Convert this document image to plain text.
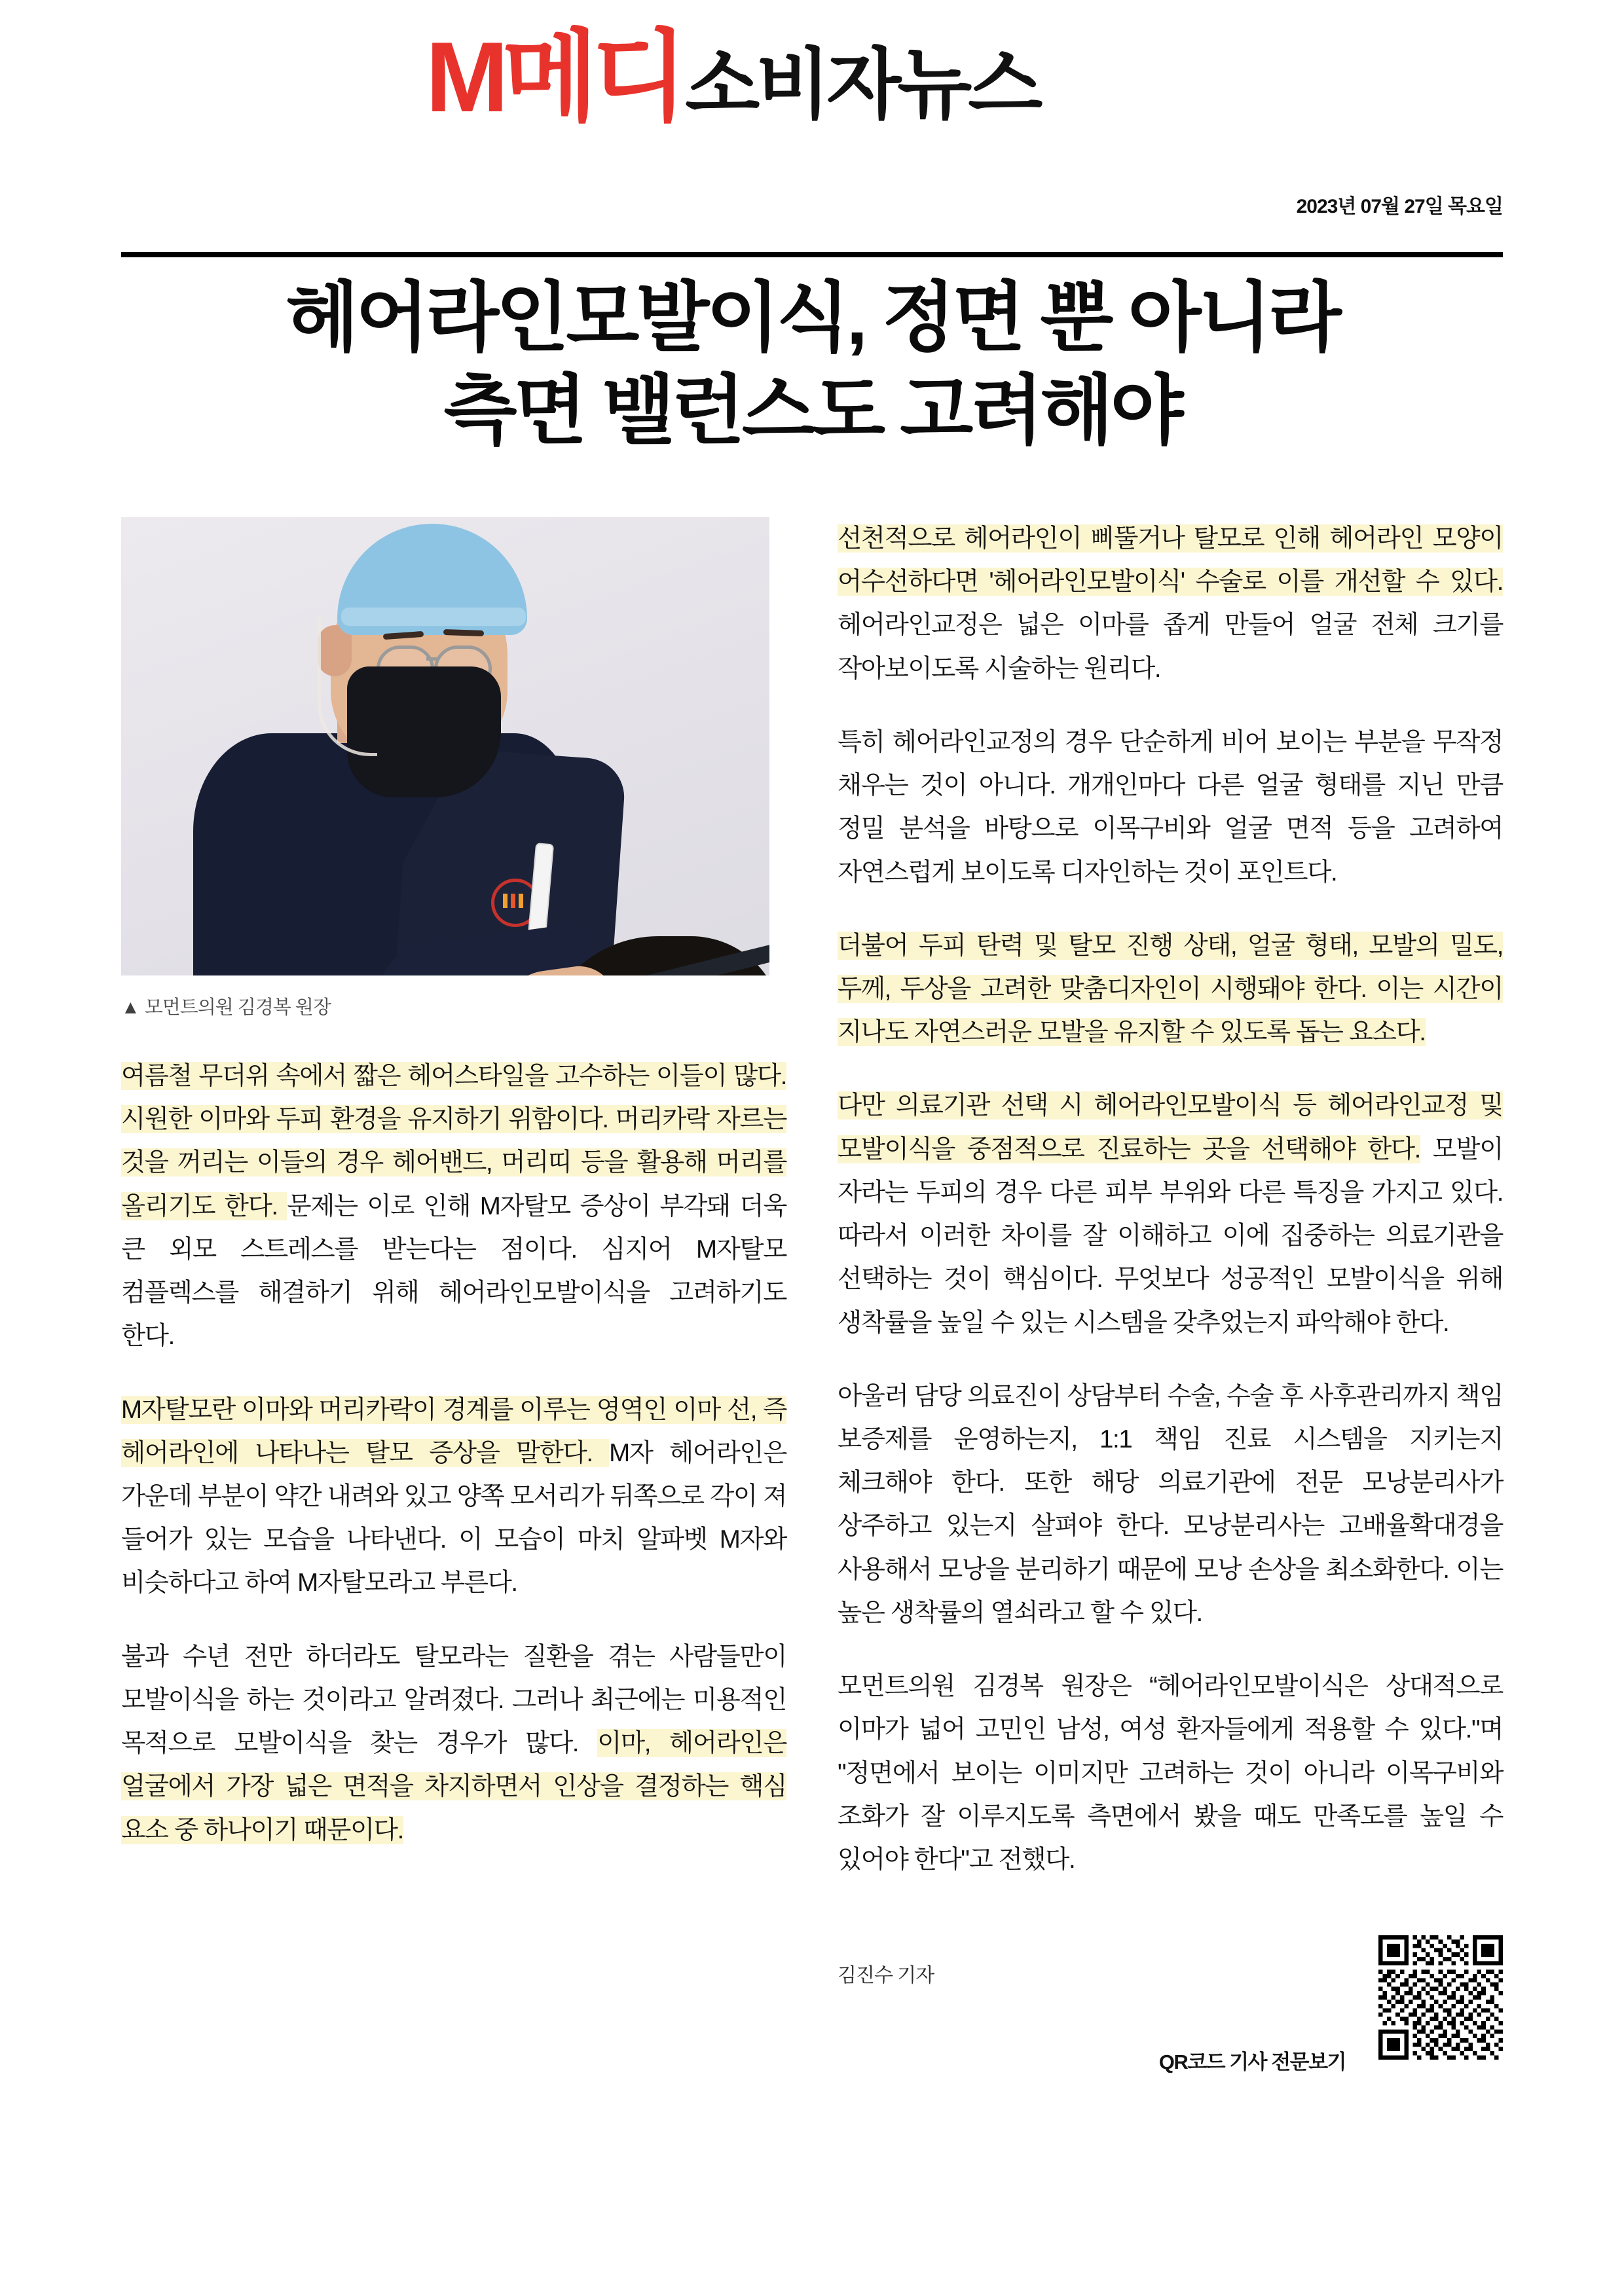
M메디 소비자뉴스
2023년 07월 27일 목요일
헤어라인모발이식, 정면 뿐 아니라
측면 밸런스도 고려해야
▲ 모먼트의원 김경복 원장

여름철 무더위 속에서 짧은 헤어스타일을 고수하는 이들이 많다. 시원한 이마와 두피 환경을 유지하기 위함이다. 머리카락 자르는 것을 꺼리는 이들의 경우 헤어밴드, 머리띠 등을 활용해 머리를 올리기도 한다. 문제는 이로 인해 M자탈모 증상이 부각돼 더욱 큰 외모 스트레스를 받는다는 점이다. 심지어 M자탈모 컴플렉스를 해결하기 위해 헤어라인모발이식을 고려하기도 한다.

M자탈모란 이마와 머리카락이 경계를 이루는 영역인 이마 선, 즉 헤어라인에 나타나는 탈모 증상을 말한다. M자 헤어라인은 가운데 부분이 약간 내려와 있고 양쪽 모서리가 뒤쪽으로 각이 져 들어가 있는 모습을 나타낸다. 이 모습이 마치 알파벳 M자와 비슷하다고 하여 M자탈모라고 부른다.

불과 수년 전만 하더라도 탈모라는 질환을 겪는 사람들만이 모발이식을 하는 것이라고 알려졌다. 그러나 최근에는 미용적인 목적으로 모발이식을 찾는 경우가 많다. 이마, 헤어라인은 얼굴에서 가장 넓은 면적을 차지하면서 인상을 결정하는 핵심 요소 중 하나이기 때문이다.

선천적으로 헤어라인이 삐뚤거나 탈모로 인해 헤어라인 모양이 어수선하다면 '헤어라인모발이식' 수술로 이를 개선할 수 있다. 헤어라인교정은 넓은 이마를 좁게 만들어 얼굴 전체 크기를 작아보이도록 시술하는 원리다.

특히 헤어라인교정의 경우 단순하게 비어 보이는 부분을 무작정 채우는 것이 아니다. 개개인마다 다른 얼굴 형태를 지닌 만큼 정밀 분석을 바탕으로 이목구비와 얼굴 면적 등을 고려하여 자연스럽게 보이도록 디자인하는 것이 포인트다.

더불어 두피 탄력 및 탈모 진행 상태, 얼굴 형태, 모발의 밀도, 두께, 두상을 고려한 맞춤디자인이 시행돼야 한다. 이는 시간이 지나도 자연스러운 모발을 유지할 수 있도록 돕는 요소다.

다만 의료기관 선택 시 헤어라인모발이식 등 헤어라인교정 및 모발이식을 중점적으로 진료하는 곳을 선택해야 한다. 모발이 자라는 두피의 경우 다른 피부 부위와 다른 특징을 가지고 있다. 따라서 이러한 차이를 잘 이해하고 이에 집중하는 의료기관을 선택하는 것이 핵심이다. 무엇보다 성공적인 모발이식을 위해 생착률을 높일 수 있는 시스템을 갖추었는지 파악해야 한다.

아울러 담당 의료진이 상담부터 수술, 수술 후 사후관리까지 책임 보증제를 운영하는지, 1:1 책임 진료 시스템을 지키는지 체크해야 한다. 또한 해당 의료기관에 전문 모낭분리사가 상주하고 있는지 살펴야 한다. 모낭분리사는 고배율확대경을 사용해서 모낭을 분리하기 때문에 모낭 손상을 최소화한다. 이는 높은 생착률의 열쇠라고 할 수 있다.

모먼트의원 김경복 원장은 “헤어라인모발이식은 상대적으로 이마가 넓어 고민인 남성, 여성 환자들에게 적용할 수 있다."며 "정면에서 보이는 이미지만 고려하는 것이 아니라 이목구비와 조화가 잘 이루지도록 측면에서 봤을 때도 만족도를 높일 수 있어야 한다"고 전했다.

김진수 기자
QR코드 기사 전문보기
